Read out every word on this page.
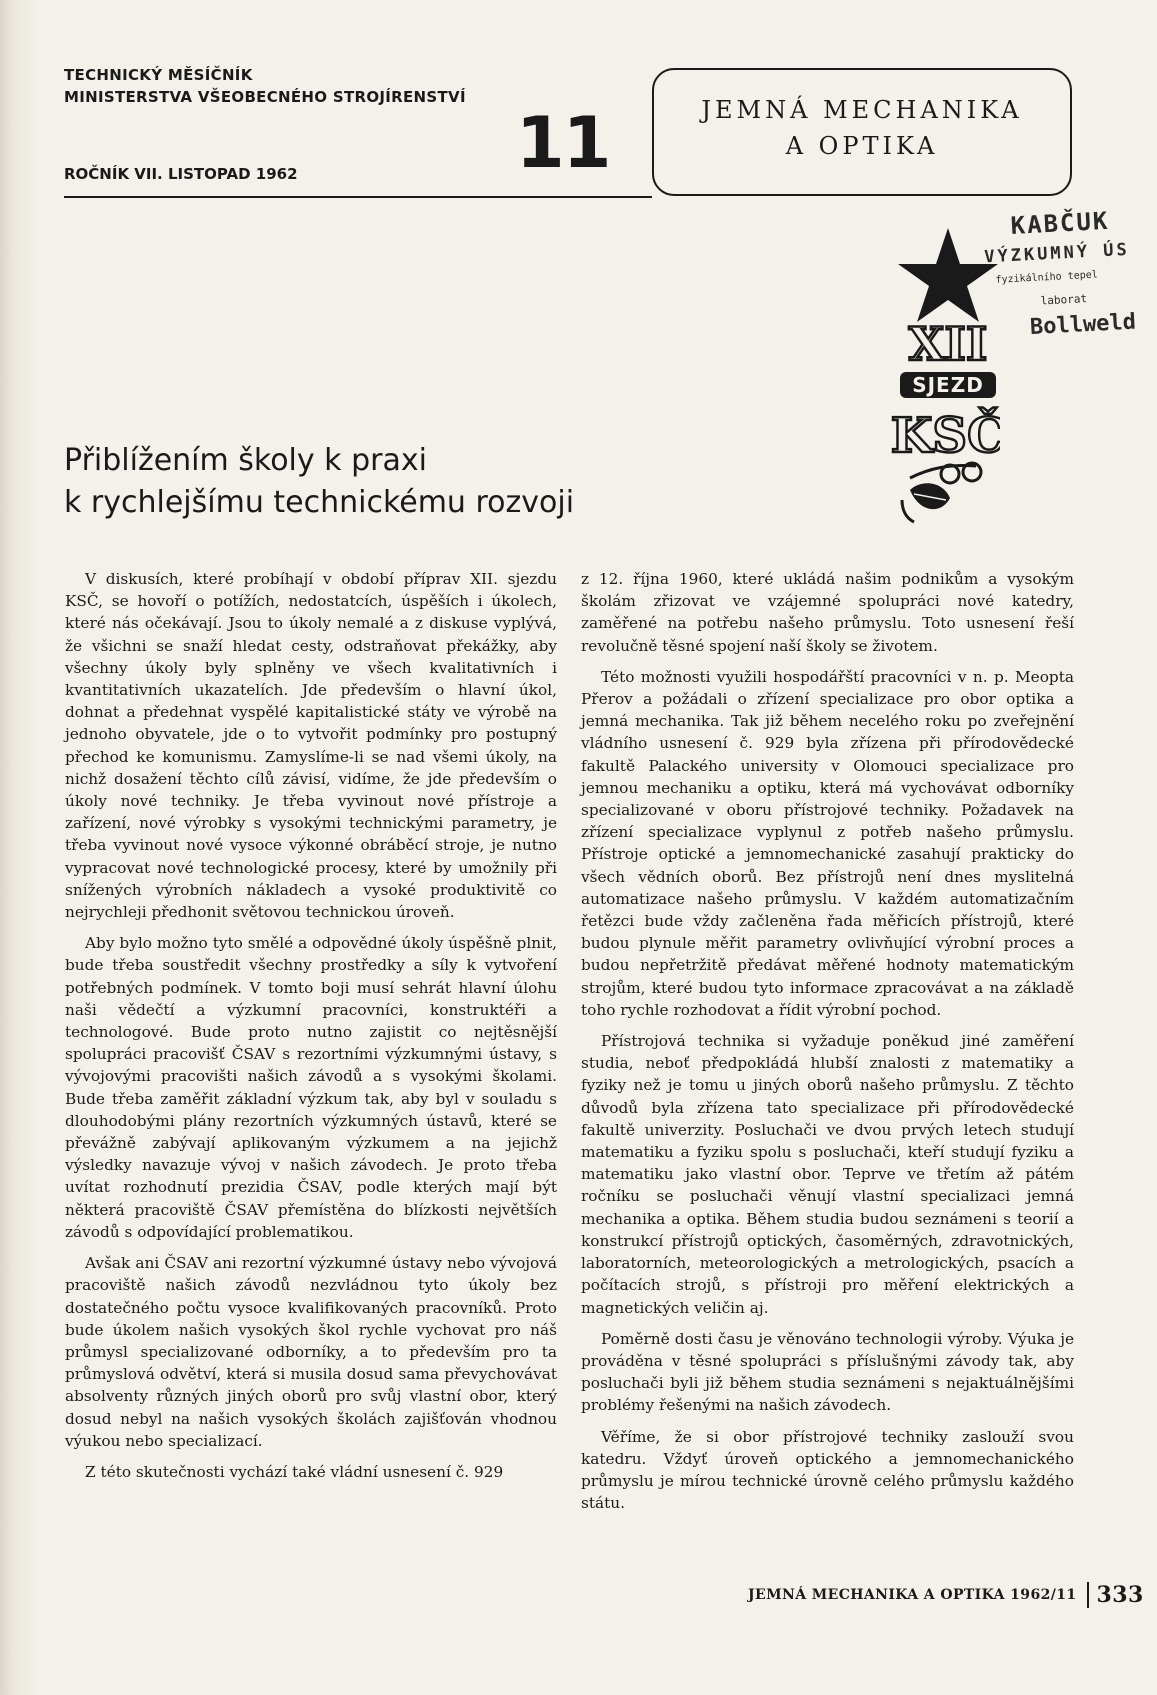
TECHNICKÝ MĚSÍČNÍK
MINISTERSTVA VŠEOBECNÉHO STROJÍRENSTVÍ
ROČNÍK VII. LISTOPAD 1962	11	JEMNÁ MECHANIKA
A OPTIKA
KABČUK
VÝZKUMNÝ ÚS
fyzikálního tepel
laborat
Bollweld
XII
SJEZD
KSČ
Přiblížením školy k praxi
k rychlejšímu technickému rozvoji

V diskusích, které probíhají v období příprav XII. sjezdu KSČ, se hovoří o potížích, nedostatcích, úspěších i úkolech, které nás očekávají. Jsou to úkoly nemalé a z diskuse vyplývá, že všichni se snaží hledat cesty, odstraňovat překážky, aby všechny úkoly byly splněny ve všech kvalitativních i kvantitativních ukazatelích. Jde především o hlavní úkol, dohnat a předehnat vyspělé kapitalistické státy ve výrobě na jednoho obyvatele, jde o to vytvořit podmínky pro postupný přechod ke komunismu. Zamyslíme-li se nad všemi úkoly, na nichž dosažení těchto cílů závisí, vidíme, že jde především o úkoly nové techniky. Je třeba vyvinout nové přístroje a zařízení, nové výrobky s vysokými technickými parametry, je třeba vyvinout nové vysoce výkonné obráběcí stroje, je nutno vypracovat nové technologické procesy, které by umožnily při snížených výrobních nákladech a vysoké produktivitě co nejrychleji předhonit světovou technickou úroveň.

Aby bylo možno tyto smělé a odpovědné úkoly úspěšně plnit, bude třeba soustředit všechny prostředky a síly k vytvoření potřebných podmínek. V tomto boji musí sehrát hlavní úlohu naši vědečtí a výzkumní pracovníci, konstruktéři a technologové. Bude proto nutno zajistit co nejtěsnější spolupráci pracovišť ČSAV s rezortními výzkumnými ústavy, s vývojovými pracovišti našich závodů a s vysokými školami. Bude třeba zaměřit základní výzkum tak, aby byl v souladu s dlouhodobými plány rezortních výzkumných ústavů, které se převážně zabývají aplikovaným výzkumem a na jejichž výsledky navazuje vývoj v našich závodech. Je proto třeba uvítat rozhodnutí prezidia ČSAV, podle kterých mají být některá pracoviště ČSAV přemístěna do blízkosti největších závodů s odpovídající problematikou.

Avšak ani ČSAV ani rezortní výzkumné ústavy nebo vývojová pracoviště našich závodů nezvládnou tyto úkoly bez dostatečného počtu vysoce kvalifikovaných pracovníků. Proto bude úkolem našich vysokých škol rychle vychovat pro náš průmysl specializované odborníky, a to především pro ta průmyslová odvětví, která si musila dosud sama převychovávat absolventy různých jiných oborů pro svůj vlastní obor, který dosud nebyl na našich vysokých školách zajišťován vhodnou výukou nebo specializací.

Z této skutečnosti vychází také vládní usnesení č. 929

z 12. října 1960, které ukládá našim podnikům a vysokým školám zřizovat ve vzájemné spolupráci nové katedry, zaměřené na potřebu našeho průmyslu. Toto usnesení řeší revolučně těsné spojení naší školy se životem.

Této možnosti využili hospodářští pracovníci v n. p. Meopta Přerov a požádali o zřízení specializace pro obor optika a jemná mechanika. Tak již během necelého roku po zveřejnění vládního usnesení č. 929 byla zřízena při přírodovědecké fakultě Palackého university v Olomouci specializace pro jemnou mechaniku a optiku, která má vychovávat odborníky specializované v oboru přístrojové techniky. Požadavek na zřízení specializace vyplynul z potřeb našeho průmyslu. Přístroje optické a jemnomechanické zasahují prakticky do všech vědních oborů. Bez přístrojů není dnes myslitelná automatizace našeho průmyslu. V každém automatizačním řetězci bude vždy začleněna řada měřicích přístrojů, které budou plynule měřit parametry ovlivňující výrobní proces a budou nepřetržitě předávat měřené hodnoty matematickým strojům, které budou tyto informace zpracovávat a na základě toho rychle rozhodovat a řídit výrobní pochod.

Přístrojová technika si vyžaduje poněkud jiné zaměření studia, neboť předpokládá hlubší znalosti z matematiky a fyziky než je tomu u jiných oborů našeho průmyslu. Z těchto důvodů byla zřízena tato specializace při přírodovědecké fakultě univerzity. Posluchači ve dvou prvých letech studují matematiku a fyziku spolu s posluchači, kteří studují fyziku a matematiku jako vlastní obor. Teprve ve třetím až pátém ročníku se posluchači věnují vlastní specializaci jemná mechanika a optika. Během studia budou seznámeni s teorií a konstrukcí přístrojů optických, časoměrných, zdravotnických, laboratorních, meteorologických a metrologických, psacích a počítacích strojů, s přístroji pro měření elektrických a magnetických veličin aj.

Poměrně dosti času je věnováno technologii výroby. Výuka je prováděna v těsné spolupráci s příslušnými závody tak, aby posluchači byli již během studia seznámeni s nejaktuálnějšími problémy řešenými na našich závodech.

Věříme, že si obor přístrojové techniky zaslouží svou katedru. Vždyť úroveň optického a jemnomechanického průmyslu je mírou technické úrovně celého průmyslu každého státu.

JEMNÁ MECHANIKA A OPTIKA 1962/11 333
